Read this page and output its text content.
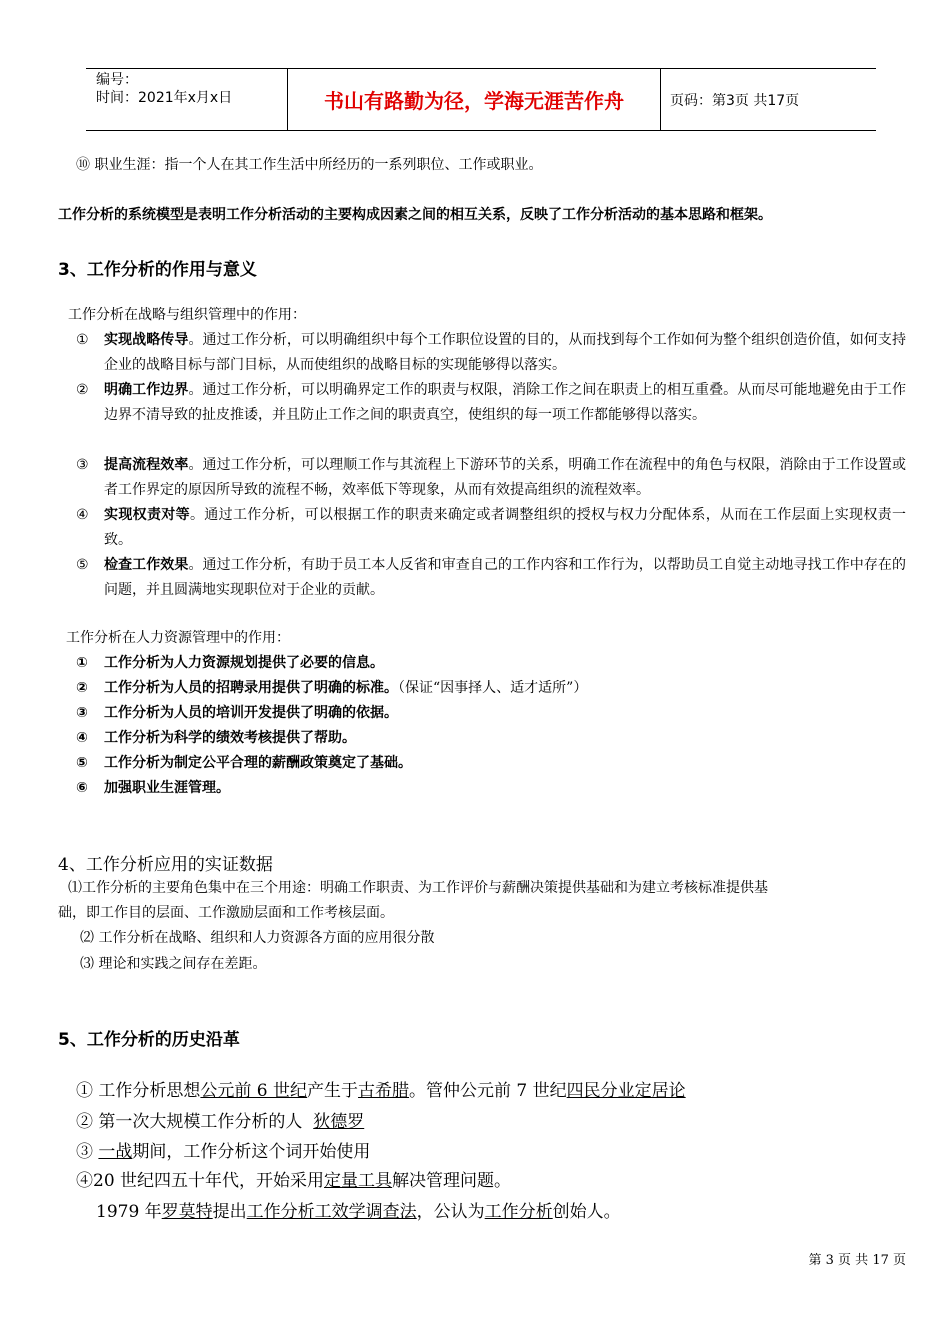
编号：
时间：2021年x月x日	书山有路勤为径，学海无涯苦作舟	页码：第3页 共17页
⑩ 职业生涯：指一个人在其工作生活中所经历的一系列职位、工作或职业。
工作分析的系统模型是表明工作分析活动的主要构成因素之间的相互关系，反映了工作分析活动的基本思路和框架。
3、工作分析的作用与意义
工作分析在战略与组织管理中的作用：
① 实现战略传导。通过工作分析，可以明确组织中每个工作职位设置的目的，从而找到每个工作如何为整个组织创造价值，如何支持企业的战略目标与部门目标，从而使组织的战略目标的实现能够得以落实。
② 明确工作边界。通过工作分析，可以明确界定工作的职责与权限，消除工作之间在职责上的相互重叠。从而尽可能地避免由于工作边界不清导致的扯皮推诿，并且防止工作之间的职责真空，使组织的每一项工作都能够得以落实。
③ 提高流程效率。通过工作分析，可以理顺工作与其流程上下游环节的关系，明确工作在流程中的角色与权限，消除由于工作设置或者工作界定的原因所导致的流程不畅，效率低下等现象，从而有效提高组织的流程效率。
④ 实现权责对等。通过工作分析，可以根据工作的职责来确定或者调整组织的授权与权力分配体系，从而在工作层面上实现权责一致。
⑤ 检查工作效果。通过工作分析，有助于员工本人反省和审查自己的工作内容和工作行为，以帮助员工自觉主动地寻找工作中存在的问题，并且圆满地实现职位对于企业的贡献。
工作分析在人力资源管理中的作用：
① 工作分析为人力资源规划提供了必要的信息。
② 工作分析为人员的招聘录用提供了明确的标准。（保证“因事择人、适才适所”）
③ 工作分析为人员的培训开发提供了明确的依据。
④ 工作分析为科学的绩效考核提供了帮助。
⑤ 工作分析为制定公平合理的薪酬政策奠定了基础。
⑥ 加强职业生涯管理。
4、工作分析应用的实证数据
⑴工作分析的主要角色集中在三个用途：明确工作职责、为工作评价与薪酬决策提供基础和为建立考核标准提供基
础，即工作目的层面、工作激励层面和工作考核层面。
⑵ 工作分析在战略、组织和人力资源各方面的应用很分散
⑶ 理论和实践之间存在差距。
5、工作分析的历史沿革
① 工作分析思想公元前 6 世纪产生于古希腊。管仲公元前 7 世纪四民分业定居论
② 第一次大规模工作分析的人  狄德罗
③ 一战期间，工作分析这个词开始使用
④20 世纪四五十年代，开始采用定量工具解决管理问题。
1979 年罗莫特提出工作分析工效学调查法，公认为工作分析创始人。
第 3 页 共 17 页
